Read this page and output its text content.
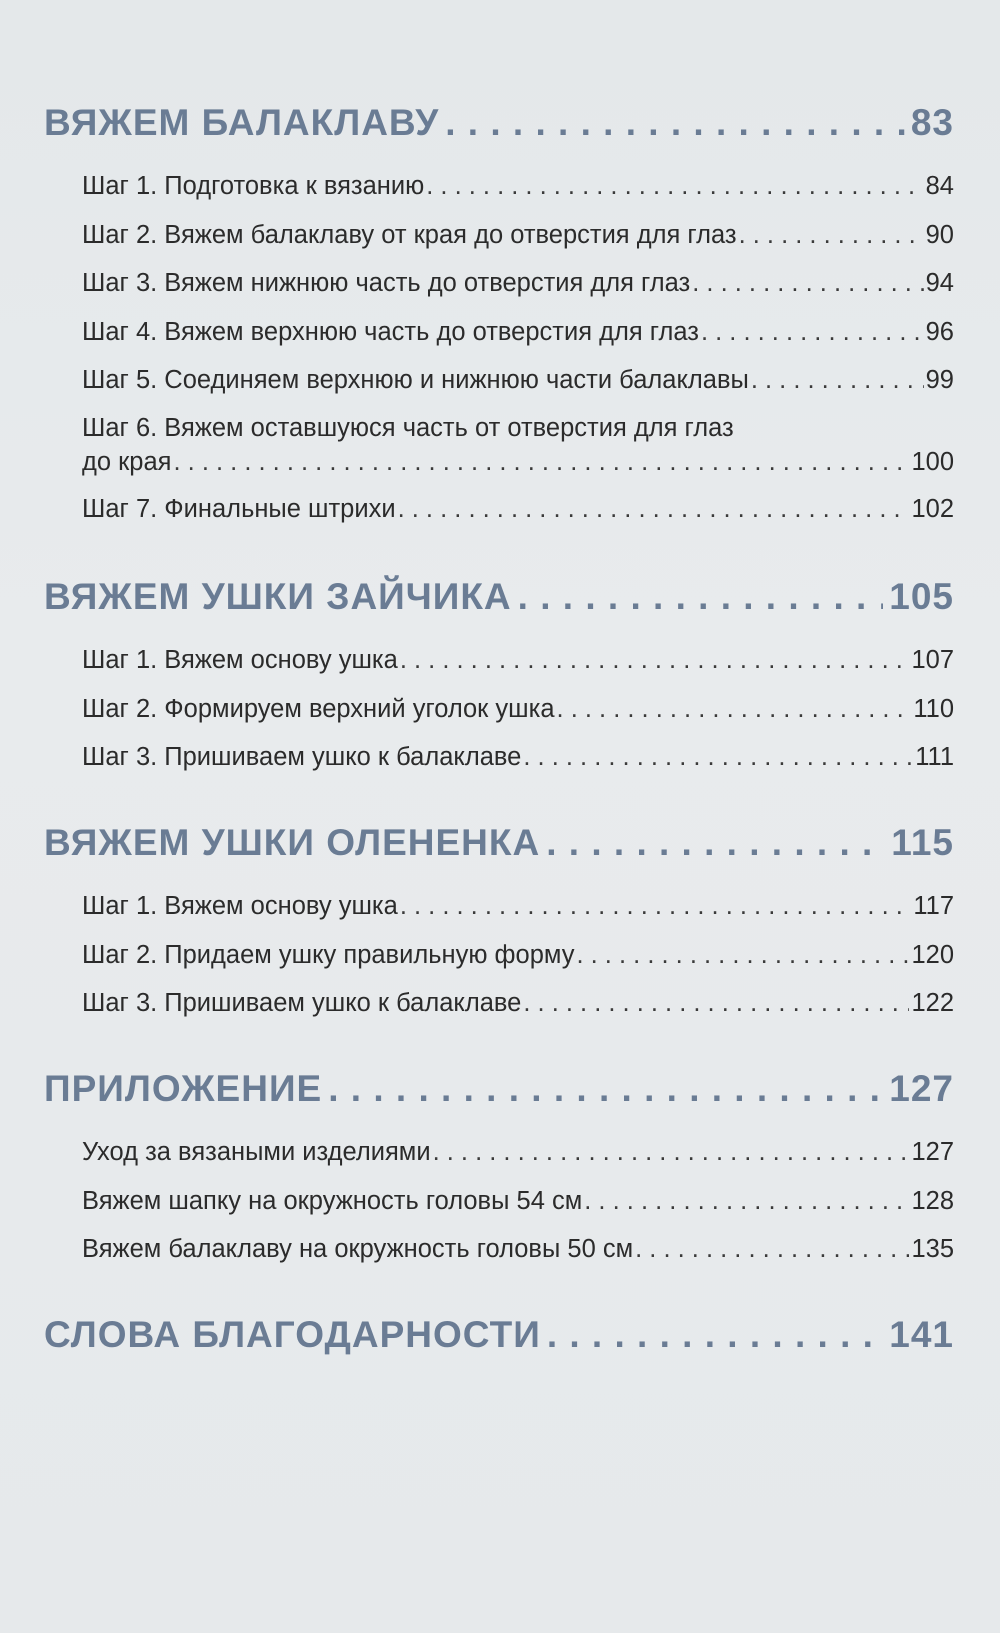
ВЯЖЕМ БАЛАКЛАВУ . . .	83
Шаг 1. Подготовка к вязанию . . .	84
Шаг 2. Вяжем балаклаву от края до отверстия для глаз . . .	90
Шаг 3. Вяжем нижнюю часть до отверстия для глаз . . .	94
Шаг 4. Вяжем верхнюю часть до отверстия для глаз . . .	96
Шаг 5. Соединяем верхнюю и нижнюю части балаклавы . . .	99
Шаг 6. Вяжем оставшуюся часть от отверстия для глаз
до края . . .	100
Шаг 7. Финальные штрихи . . .	102
ВЯЖЕМ УШКИ ЗАЙЧИКА . . .	105
Шаг 1. Вяжем основу ушка . . .	107
Шаг 2. Формируем верхний уголок ушка . . .	110
Шаг 3. Пришиваем ушко к балаклаве . . .	111
ВЯЖЕМ УШКИ ОЛЕНЕНКА . . .	115
Шаг 1. Вяжем основу ушка . . .	117
Шаг 2. Придаем ушку правильную форму . . .	120
Шаг 3. Пришиваем ушко к балаклаве . . .	122
ПРИЛОЖЕНИЕ . . .	127
Уход за вязаными изделиями . . .	127
Вяжем шапку на окружность головы 54 см . . .	128
Вяжем балаклаву на окружность головы 50 см . . .	135
СЛОВА БЛАГОДАРНОСТИ . . .	141
